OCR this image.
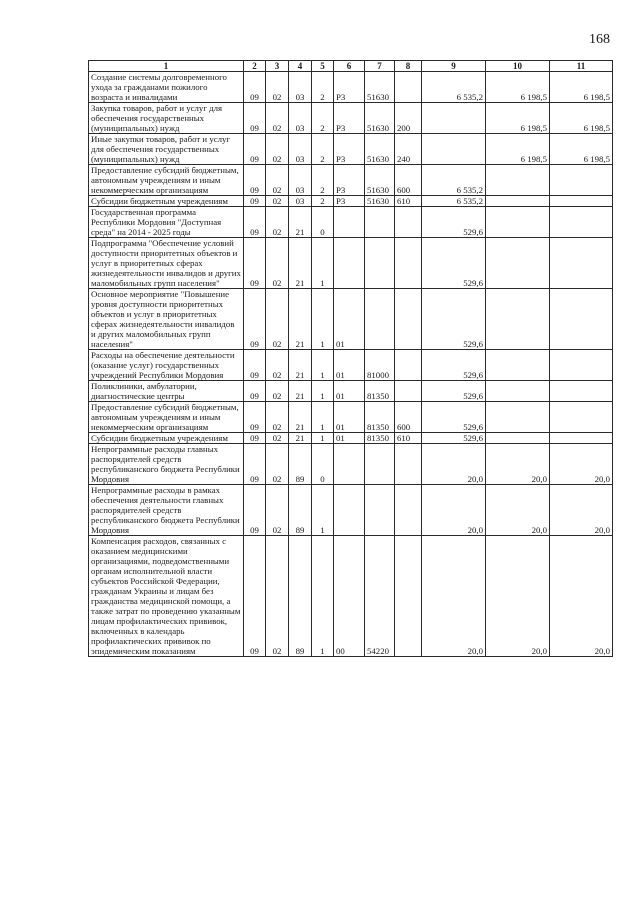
168
1	2	3	4	5	6	7	8	9	10	11
Создание системы долговременного ухода за гражданами пожилого возраста и инвалидами	09	02	03	2	Р3	51630		6 535,2	6 198,5	6 198,5
Закупка товаров, работ и услуг для обеспечения государственных (муниципальных) нужд	09	02	03	2	Р3	51630	200		6 198,5	6 198,5
Иные закупки товаров, работ и услуг для обеспечения государственных (муниципальных) нужд	09	02	03	2	Р3	51630	240		6 198,5	6 198,5
Предоставление субсидий бюджетным, автономным учреждениям и иным некоммерческим организациям	09	02	03	2	Р3	51630	600	6 535,2		
Субсидии бюджетным учреждениям	09	02	03	2	Р3	51630	610	6 535,2		
Государственная программа Республики Мордовия "Доступная среда" на 2014 - 2025 годы	09	02	21	0				529,6		
Подпрограмма "Обеспечение условий доступности приоритетных объектов и услуг в приоритетных сферах жизнедеятельности инвалидов и других маломобильных групп населения"	09	02	21	1				529,6		
Основное мероприятие "Повышение уровня доступности приоритетных объектов и услуг в приоритетных сферах жизнедеятельности инвалидов и других маломобильных групп населения"	09	02	21	1	01			529,6		
Расходы на обеспечение деятельности (оказание услуг) государственных учреждений Республики Мордовия	09	02	21	1	01	81000		529,6		
Поликлиники, амбулатории, диагностические центры	09	02	21	1	01	81350		529,6		
Предоставление субсидий бюджетным, автономным учреждениям и иным некоммерческим организациям	09	02	21	1	01	81350	600	529,6		
Субсидии бюджетным учреждениям	09	02	21	1	01	81350	610	529,6		
Непрограммные расходы главных распорядителей средств республиканского бюджета Республики Мордовия	09	02	89	0				20,0	20,0	20,0
Непрограммные расходы в рамках обеспечения деятельности главных распорядителей средств республиканского бюджета Республики Мордовия	09	02	89	1				20,0	20,0	20,0
Компенсация расходов, связанных с оказанием медицинскими организациями, подведомственными органам исполнительной власти субъектов Российской Федерации, гражданам Украины и лицам без гражданства медицинской помощи, а также затрат по проведению указанным лицам профилактических прививок, включенных в календарь профилактических прививок по эпидемическим показаниям	09	02	89	1	00	54220		20,0	20,0	20,0
